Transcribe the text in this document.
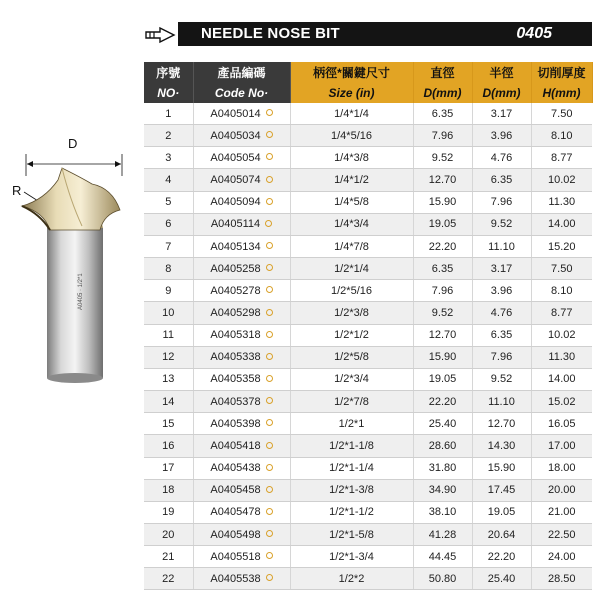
NEEDLE NOSE BIT	0405
A0405 · 1/2*1
D
R
序號	產品編碼	柄徑*關鍵尺寸	直徑	半徑	切削厚度
NO·	Code No·	Size (in)	D(mm)	D(mm)	H(mm)
1	A0405014	1/4*1/4	6.35	3.17	7.50
2	A0405034	1/4*5/16	7.96	3.96	8.10
3	A0405054	1/4*3/8	9.52	4.76	8.77
4	A0405074	1/4*1/2	12.70	6.35	10.02
5	A0405094	1/4*5/8	15.90	7.96	11.30
6	A0405114	1/4*3/4	19.05	9.52	14.00
7	A0405134	1/4*7/8	22.20	11.10	15.20
8	A0405258	1/2*1/4	6.35	3.17	7.50
9	A0405278	1/2*5/16	7.96	3.96	8.10
10	A0405298	1/2*3/8	9.52	4.76	8.77
11	A0405318	1/2*1/2	12.70	6.35	10.02
12	A0405338	1/2*5/8	15.90	7.96	11.30
13	A0405358	1/2*3/4	19.05	9.52	14.00
14	A0405378	1/2*7/8	22.20	11.10	15.02
15	A0405398	1/2*1	25.40	12.70	16.05
16	A0405418	1/2*1-1/8	28.60	14.30	17.00
17	A0405438	1/2*1-1/4	31.80	15.90	18.00
18	A0405458	1/2*1-3/8	34.90	17.45	20.00
19	A0405478	1/2*1-1/2	38.10	19.05	21.00
20	A0405498	1/2*1-5/8	41.28	20.64	22.50
21	A0405518	1/2*1-3/4	44.45	22.20	24.00
22	A0405538	1/2*2	50.80	25.40	28.50
